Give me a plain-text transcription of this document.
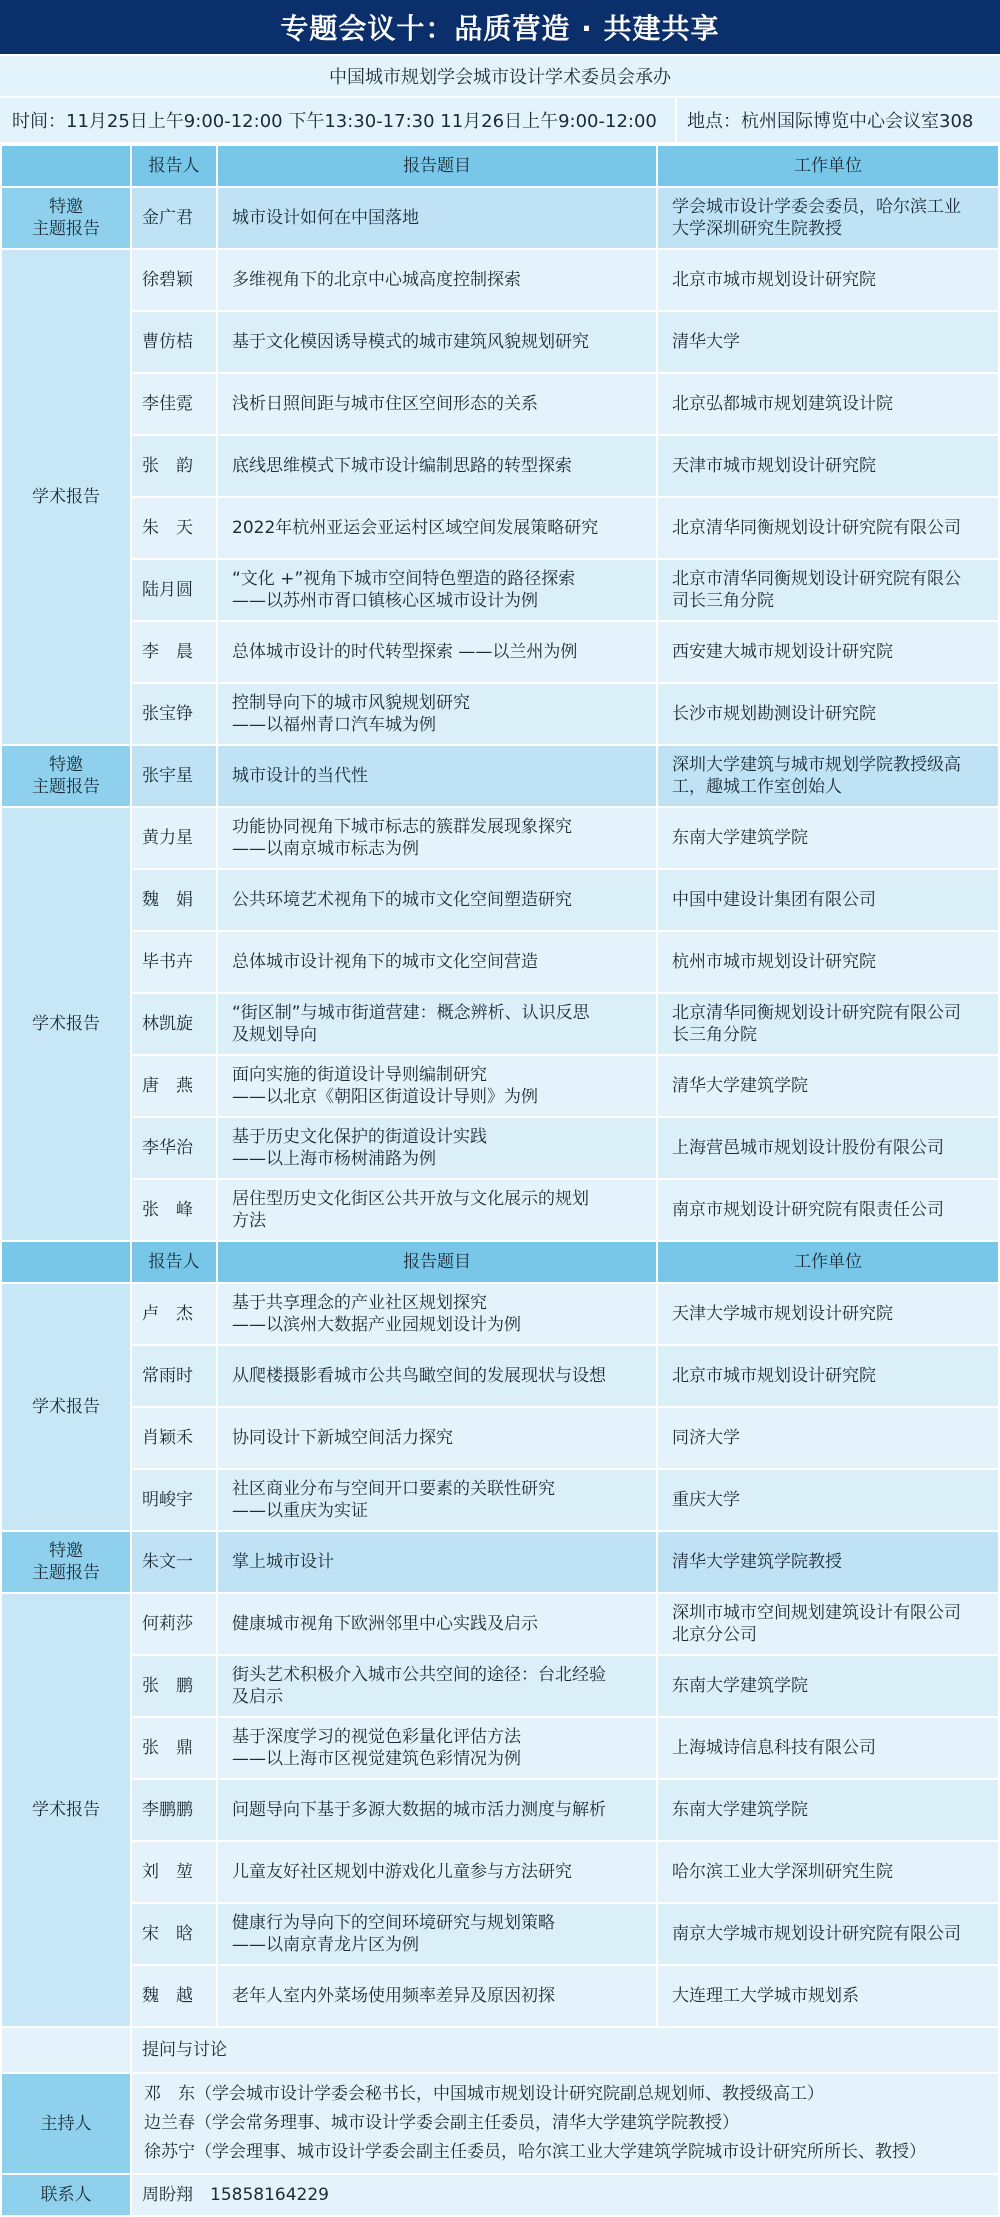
专题会议十：品质营造 · 共建共享
中国城市规划学会城市设计学术委员会承办
时间：11月25日上午9:00-12:00 下午13:30-17:30 11月26日上午9:00-12:00	地点：杭州国际博览中心会议室308
	报告人	报告题目	工作单位

特邀
主题报告	金广君	城市设计如何在中国落地	学会城市设计学委会委员，哈尔滨工业
大学深圳研究生院教授

学术报告	徐碧颖	多维视角下的北京中心城高度控制探索	北京市城市规划设计研究院

	曹仿桔	基于文化模因诱导模式的城市建筑风貌规划研究	清华大学

	李佳霓	浅析日照间距与城市住区空间形态的关系	北京弘都城市规划建筑设计院

	张　韵	底线思维模式下城市设计编制思路的转型探索	天津市城市规划设计研究院

	朱　天	2022年杭州亚运会亚运村区域空间发展策略研究	北京清华同衡规划设计研究院有限公司

	陆月圆	“文化 +”视角下城市空间特色塑造的路径探索
——以苏州市胥口镇核心区城市设计为例	北京市清华同衡规划设计研究院有限公
司长三角分院

	李　晨	总体城市设计的时代转型探索 ——以兰州为例	西安建大城市规划设计研究院

	张宝铮	控制导向下的城市风貌规划研究
——以福州青口汽车城为例	长沙市规划勘测设计研究院

特邀
主题报告	张宇星	城市设计的当代性	深圳大学建筑与城市规划学院教授级高
工，趣城工作室创始人

学术报告	黄力星	功能协同视角下城市标志的簇群发展现象探究
——以南京城市标志为例	东南大学建筑学院

	魏　娟	公共环境艺术视角下的城市文化空间塑造研究	中国中建设计集团有限公司

	毕书卉	总体城市设计视角下的城市文化空间营造	杭州市城市规划设计研究院

	林凯旋	“街区制”与城市街道营建：概念辨析、认识反思
及规划导向	北京清华同衡规划设计研究院有限公司
长三角分院

	唐　燕	面向实施的街道设计导则编制研究
——以北京《朝阳区街道设计导则》为例	清华大学建筑学院

	李华治	基于历史文化保护的街道设计实践
——以上海市杨树浦路为例	上海营邑城市规划设计股份有限公司

	张　峰	居住型历史文化街区公共开放与文化展示的规划
方法	南京市规划设计研究院有限责任公司

	报告人	报告题目	工作单位
学术报告	卢　杰	基于共享理念的产业社区规划探究
——以滨州大数据产业园规划设计为例	天津大学城市规划设计研究院

	常雨时	从爬楼摄影看城市公共鸟瞰空间的发展现状与设想	北京市城市规划设计研究院

	肖颖禾	协同设计下新城空间活力探究	同济大学

	明峻宇	社区商业分布与空间开口要素的关联性研究
——以重庆为实证	重庆大学

特邀
主题报告	朱文一	掌上城市设计	清华大学建筑学院教授

学术报告	何莉莎	健康城市视角下欧洲邻里中心实践及启示	深圳市城市空间规划建筑设计有限公司
北京分公司

	张　鹏	街头艺术积极介入城市公共空间的途径：台北经验
及启示	东南大学建筑学院

	张　鼎	基于深度学习的视觉色彩量化评估方法
——以上海市区视觉建筑色彩情况为例	上海城诗信息科技有限公司

	李鹏鹏	问题导向下基于多源大数据的城市活力测度与解析	东南大学建筑学院

	刘　堃	儿童友好社区规划中游戏化儿童参与方法研究	哈尔滨工业大学深圳研究生院

	宋　晗	健康行为导向下的空间环境研究与规划策略
——以南京青龙片区为例	南京大学城市规划设计研究院有限公司

	魏　越	老年人室内外菜场使用频率差异及原因初探	大连理工大学城市规划系

	提问与讨论		
主持人	邓　东（学会城市设计学委会秘书长，中国城市规划设计研究院副总规划师、教授级高工）
边兰春（学会常务理事、城市设计学委会副主任委员，清华大学建筑学院教授）
徐苏宁（学会理事、城市设计学委会副主任委员，哈尔滨工业大学建筑学院城市设计研究所所长、教授）		

联系人	周盼翔　15858164229		
